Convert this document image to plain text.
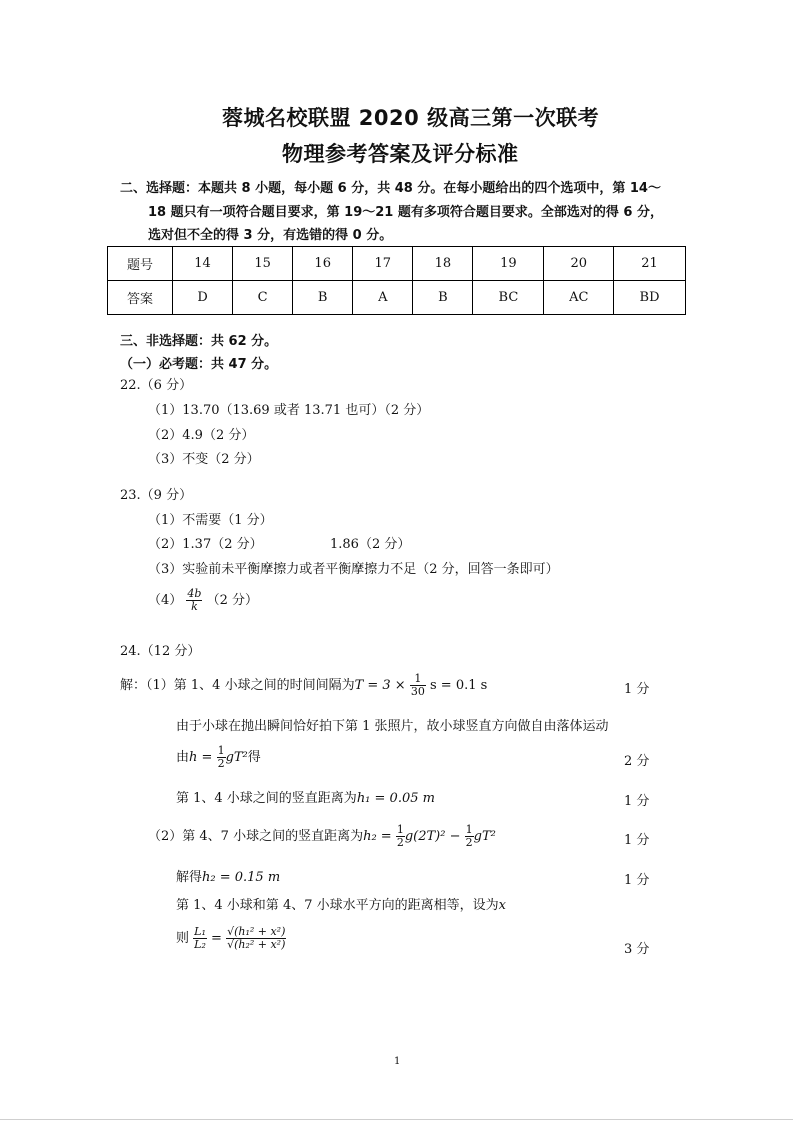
蓉城名校联盟 2020 级高三第一次联考
物理参考答案及评分标准
二、选择题：本题共 8 小题，每小题 6 分，共 48 分。在每小题给出的四个选项中，第 14～
18 题只有一项符合题目要求，第 19～21 题有多项符合题目要求。全部选对的得 6 分，
选对但不全的得 3 分，有选错的得 0 分。
题号	14	15	16	17	18	19	20	21
答案	D	C	B	A	B	BC	AC	BD
三、非选择题：共 62 分。
（一）必考题：共 47 分。
22.（6 分）
（1）13.70（13.69 或者 13.71 也可）（2 分）
（2）4.9（2 分）
（3）不变（2 分）
23.（9 分）
（1）不需要（1 分）
（2）1.37（2 分）	1.86（2 分）
（3）实验前未平衡摩擦力或者平衡摩擦力不足（2 分，回答一条即可）
$(4) \frac{4b}{k} (2$ 分）
24.（12 分）
解：（1）第 1、4 小球之间的时间间隔为$T = 3 \times \frac{1}{30}$ s = 0.1 s	1 分
由于小球在抛出瞬间恰好拍下第 1 张照片，故小球竖直方向做自由落体运动
由$h = \frac{1}{2} gT^2$得	2 分
第 1、4 小球之间的竖直距离为h₁ = 0.05 m	1 分
（2）第 4、7 小球之间的竖直距离为$h_2 = \frac{1}{2} g(2T)^2 - \frac{1}{2} gT^2$	1 分
解得h₂ = 0.15 m	1 分
第 1、4 小球和第 4、7 小球水平方向的距离相等，设为x
则 $\frac{\text{L₁}}{\text{L₂}} = \frac{\text{√(h₁² + x²)}}{\text{√(h₂² + x²)}}$	3 分
1
